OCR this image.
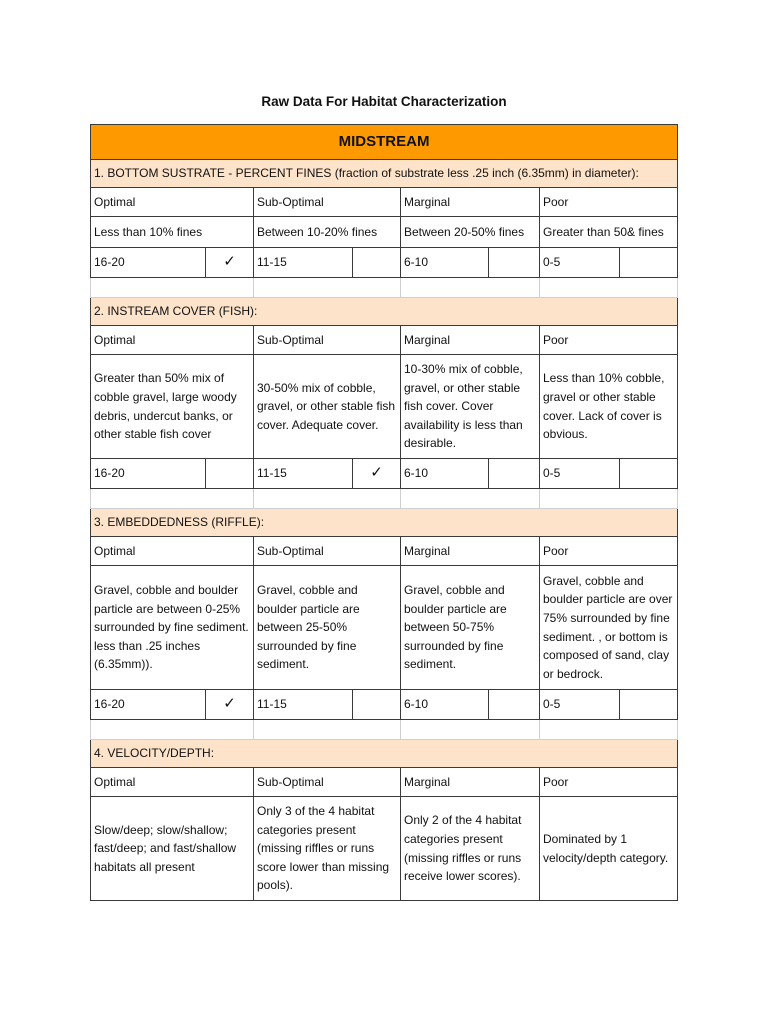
Raw Data For Habitat Characterization
MIDSTREAM							
1. BOTTOM SUSTRATE - PERCENT FINES (fraction of substrate less .25 inch (6.35mm) in diameter):							
Optimal		Sub-Optimal		Marginal		Poor	
Less than 10% fines		Between 10-20% fines		Between 20-50% fines		Greater than 50& fines	
16-20	✓	11-15		6-10		0-5	

2. INSTREAM COVER (FISH):							
Optimal		Sub-Optimal		Marginal		Poor	
Greater than 50% mix of cobble gravel, large woody debris, undercut banks, or other stable fish cover		30-50% mix of cobble, gravel, or other stable fish cover. Adequate cover.		10-30% mix of cobble, gravel, or other stable fish cover. Cover availability is less than desirable.		Less than 10% cobble, gravel or other stable cover. Lack of cover is obvious.	
16-20		11-15	✓	6-10		0-5	

3. EMBEDDEDNESS (RIFFLE):							
Optimal		Sub-Optimal		Marginal		Poor	
Gravel, cobble and boulder particle are between 0-25% surrounded by fine sediment. less than .25 inches (6.35mm)).		Gravel, cobble and boulder particle are between 25-50% surrounded by fine sediment.		Gravel, cobble and boulder particle are between 50-75% surrounded by fine sediment.		Gravel, cobble and boulder particle are over 75% surrounded by fine sediment. , or bottom is composed of sand, clay or bedrock.	
16-20	✓	11-15		6-10		0-5	

4. VELOCITY/DEPTH:							
Optimal		Sub-Optimal		Marginal		Poor	
Slow/deep; slow/shallow; fast/deep; and fast/shallow habitats all present		Only 3 of the 4 habitat categories present (missing riffles or runs score lower than missing pools).		Only 2 of the 4 habitat categories present (missing riffles or runs receive lower scores).		Dominated by 1 velocity/depth category.	
